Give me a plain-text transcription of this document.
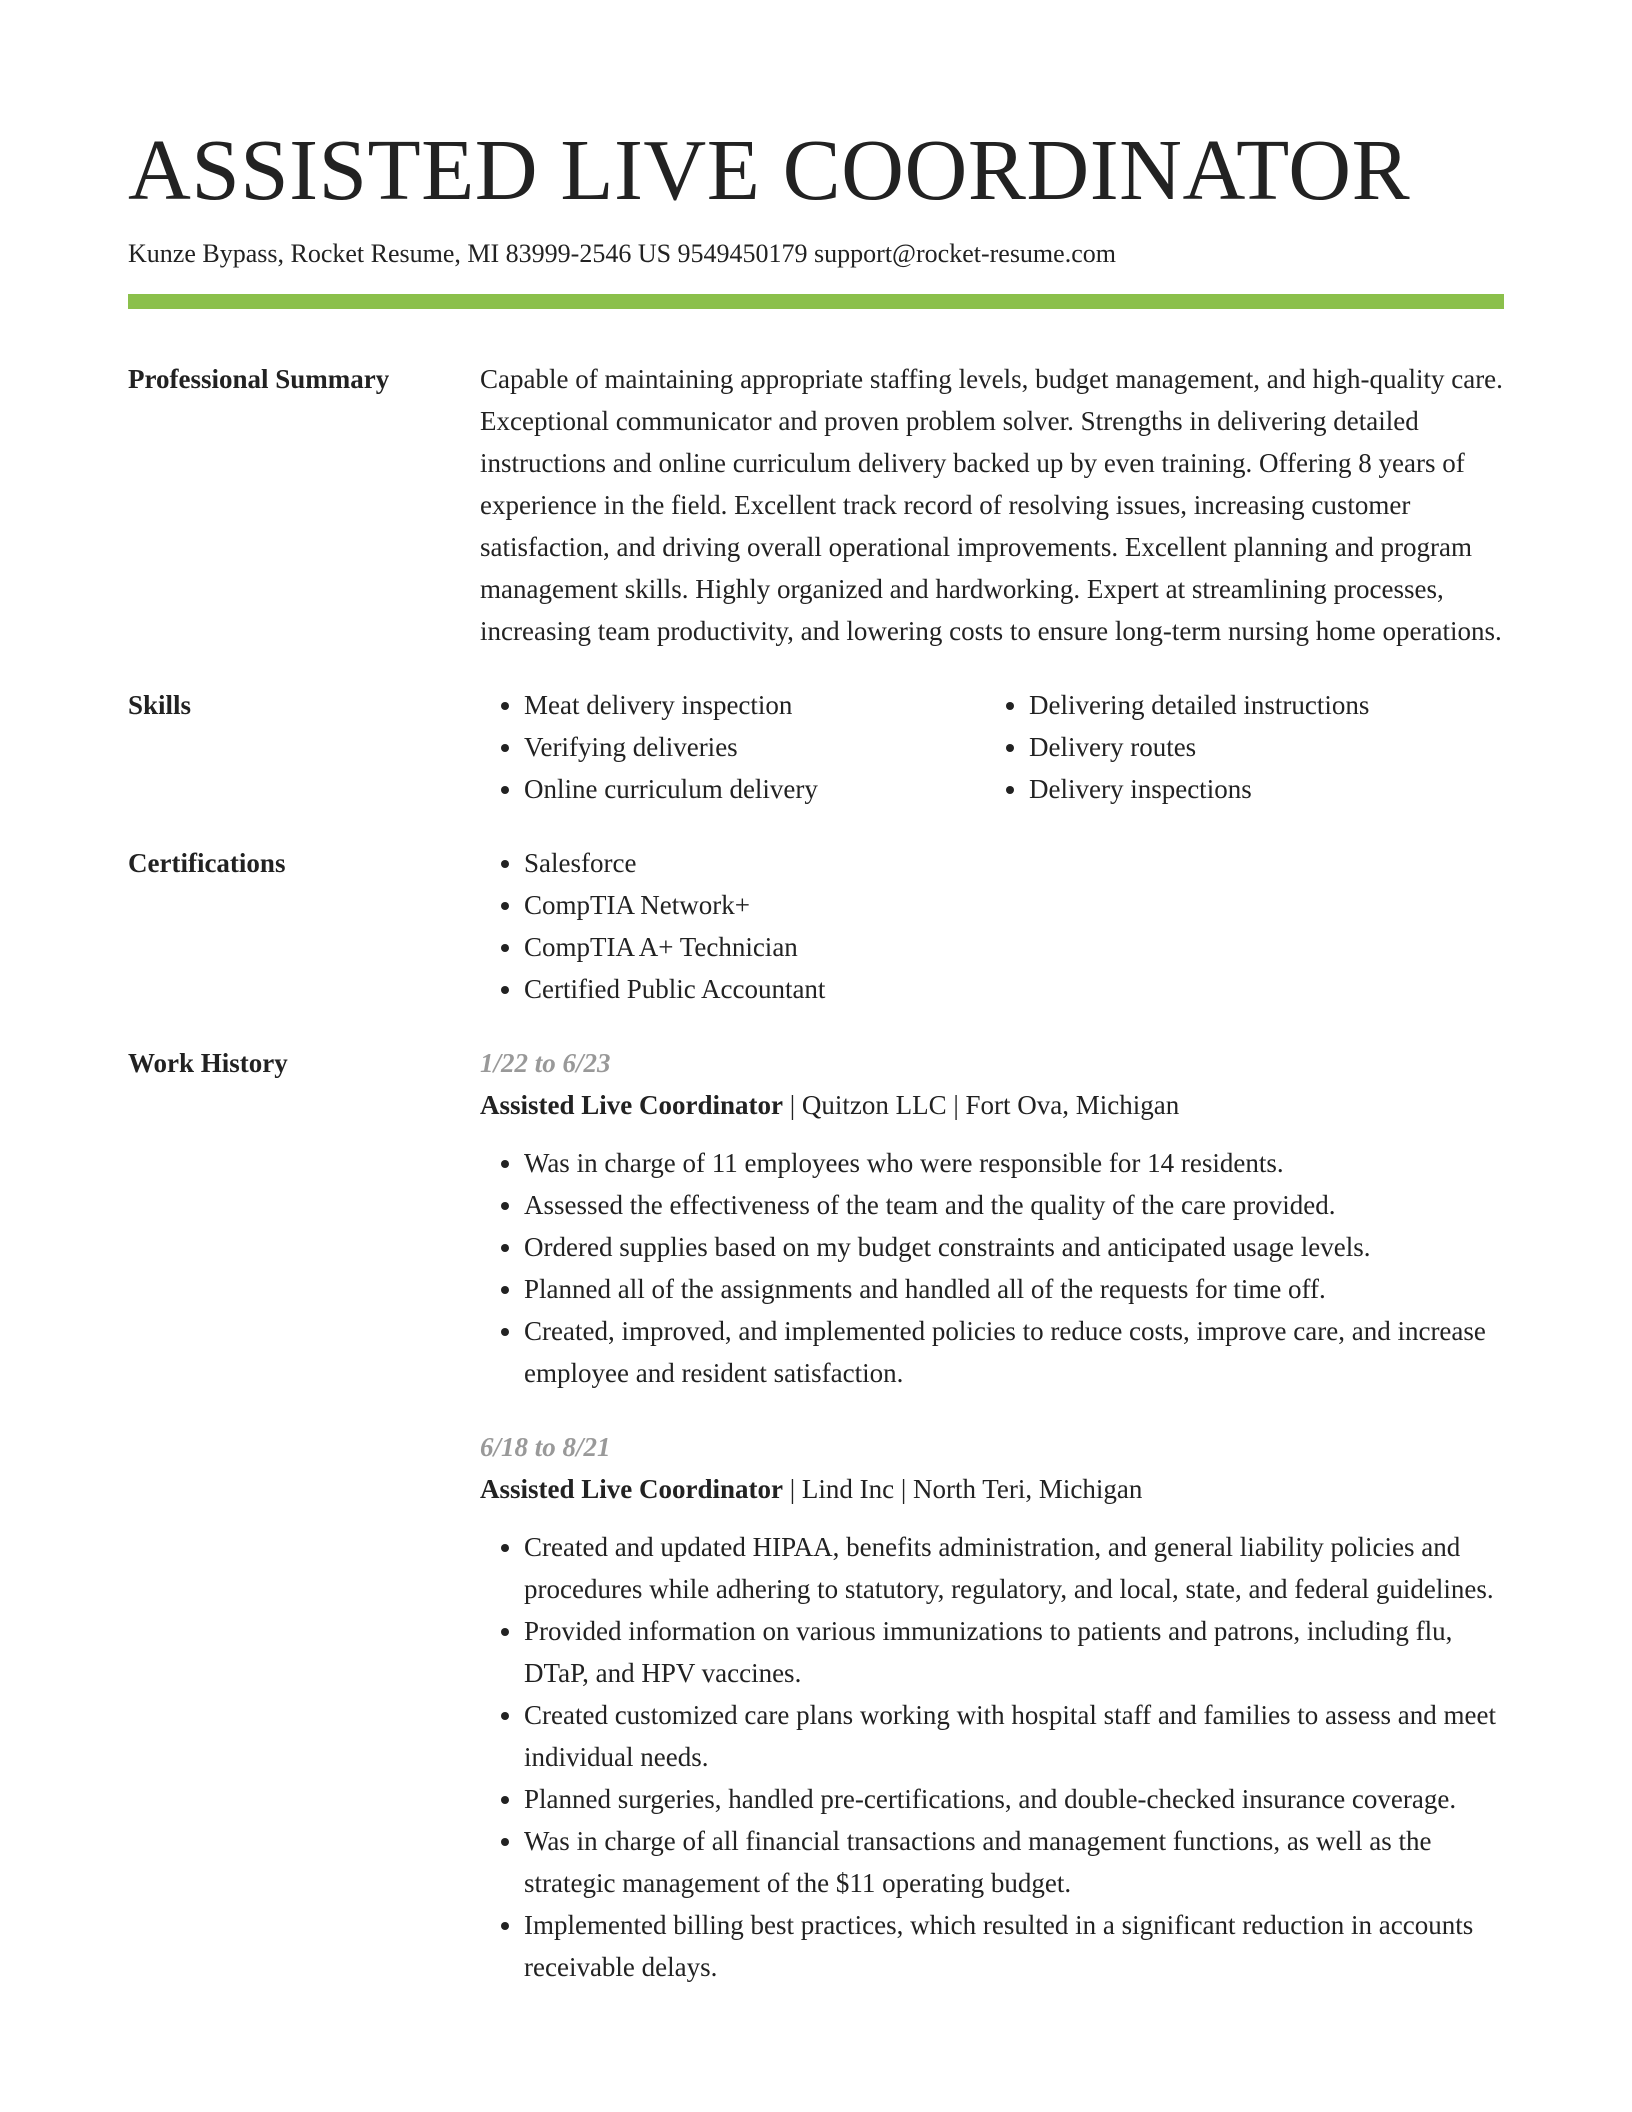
ASSISTED LIVE COORDINATOR
Kunze Bypass, Rocket Resume, MI 83999-2546 US 9549450179 support@rocket-resume.com
Professional Summary	Capable of maintaining appropriate staffing levels, budget management, and high-quality care. Exceptional communicator and proven problem solver. Strengths in delivering detailed instructions and online curriculum delivery backed up by even training. Offering 8 years of experience in the field. Excellent track record of resolving issues, increasing customer satisfaction, and driving overall operational improvements. Excellent planning and program management skills. Highly organized and hardworking. Expert at streamlining processes, increasing team productivity, and lowering costs to ensure long-term nursing home operations.
Skills	• Meat delivery inspection
• Verifying deliveries
• Online curriculum delivery
• Delivering detailed instructions
• Delivery routes
• Delivery inspections
Certifications	• Salesforce
• CompTIA Network+
• CompTIA A+ Technician
• Certified Public Accountant
Work History	1/22 to 6/23
Assisted Live Coordinator | Quitzon LLC | Fort Ova, Michigan
• Was in charge of 11 employees who were responsible for 14 residents.
• Assessed the effectiveness of the team and the quality of the care provided.
• Ordered supplies based on my budget constraints and anticipated usage levels.
• Planned all of the assignments and handled all of the requests for time off.
• Created, improved, and implemented policies to reduce costs, improve care, and increase employee and resident satisfaction.
6/18 to 8/21
Assisted Live Coordinator | Lind Inc | North Teri, Michigan
• Created and updated HIPAA, benefits administration, and general liability policies and procedures while adhering to statutory, regulatory, and local, state, and federal guidelines.
• Provided information on various immunizations to patients and patrons, including flu, DTaP, and HPV vaccines.
• Created customized care plans working with hospital staff and families to assess and meet individual needs.
• Planned surgeries, handled pre-certifications, and double-checked insurance coverage.
• Was in charge of all financial transactions and management functions, as well as the strategic management of the $11 operating budget.
• Implemented billing best practices, which resulted in a significant reduction in accounts receivable delays.
